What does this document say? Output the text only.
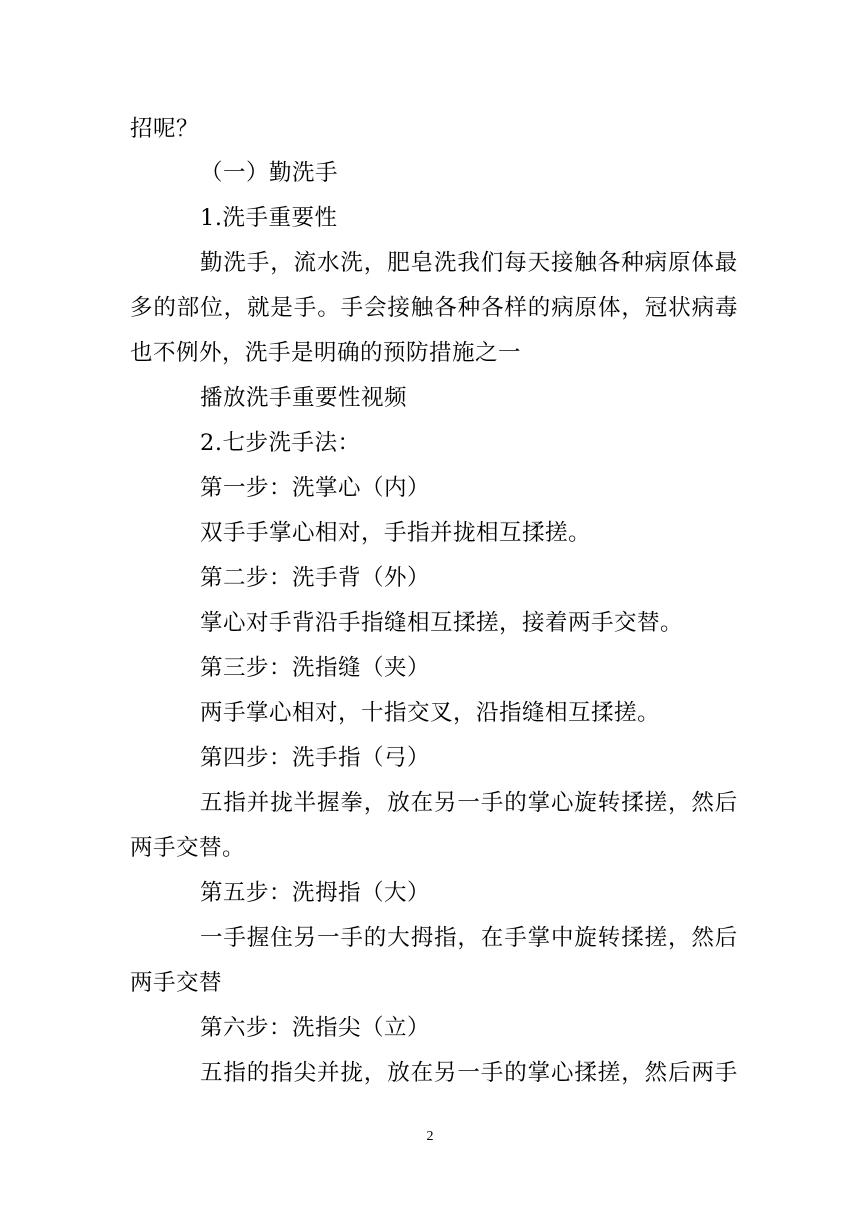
招呢？
（一）勤洗手
1.洗手重要性
勤洗手，流水洗，肥皂洗我们每天接触各种病原体最
多的部位，就是手。手会接触各种各样的病原体，冠状病毒
也不例外，洗手是明确的预防措施之一
播放洗手重要性视频
2.七步洗手法：
第一步：洗掌心（内）
双手手掌心相对，手指并拢相互揉搓。
第二步：洗手背（外）
掌心对手背沿手指缝相互揉搓，接着两手交替。
第三步：洗指缝（夹）
两手掌心相对，十指交叉，沿指缝相互揉搓。
第四步：洗手指（弓）
五指并拢半握拳，放在另一手的掌心旋转揉搓，然后
两手交替。
第五步：洗拇指（大）
一手握住另一手的大拇指，在手掌中旋转揉搓，然后
两手交替
第六步：洗指尖（立）
五指的指尖并拢，放在另一手的掌心揉搓，然后两手
2
